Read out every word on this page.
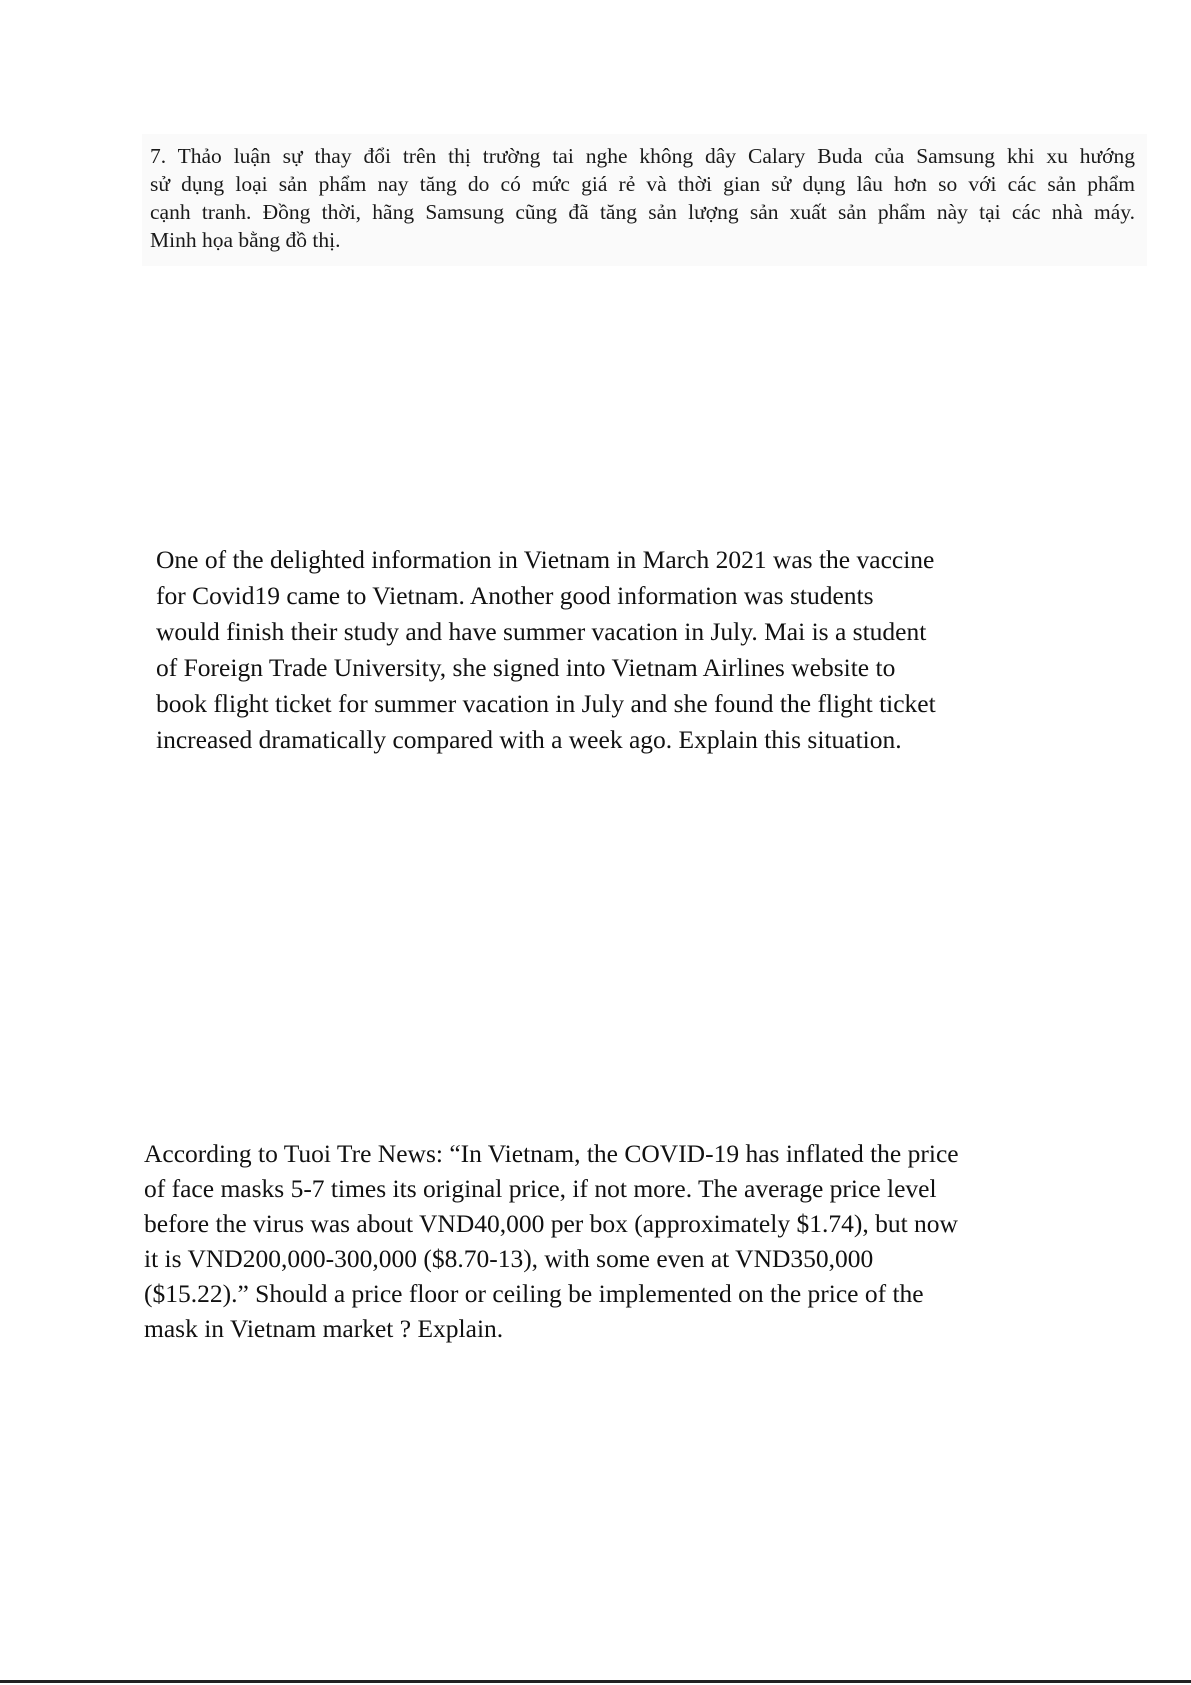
7. Thảo luận sự thay đổi trên thị trường tai nghe không dây Calary Buda của Samsung khi xu hướng
sử dụng loại sản phẩm nay tăng do có mức giá rẻ và thời gian sử dụng lâu hơn so với các sản phẩm
cạnh tranh. Đồng thời, hãng Samsung cũng đã tăng sản lượng sản xuất sản phẩm này tại các nhà máy.
Minh họa bằng đồ thị.
One of the delighted information in Vietnam in March 2021 was the vaccine
for Covid19 came to Vietnam. Another good information was students
would finish their study and have summer vacation in July. Mai is a student
of Foreign Trade University, she signed into Vietnam Airlines website to
book flight ticket for summer vacation in July and she found the flight ticket
increased dramatically compared with a week ago. Explain this situation.
According to Tuoi Tre News: “In Vietnam, the COVID-19 has inflated the price
of face masks 5-7 times its original price, if not more. The average price level
before the virus was about VND40,000 per box (approximately $1.74), but now
it is VND200,000-300,000 ($8.70-13), with some even at VND350,000
($15.22).” Should a price floor or ceiling be implemented on the price of the
mask in Vietnam market ? Explain.
